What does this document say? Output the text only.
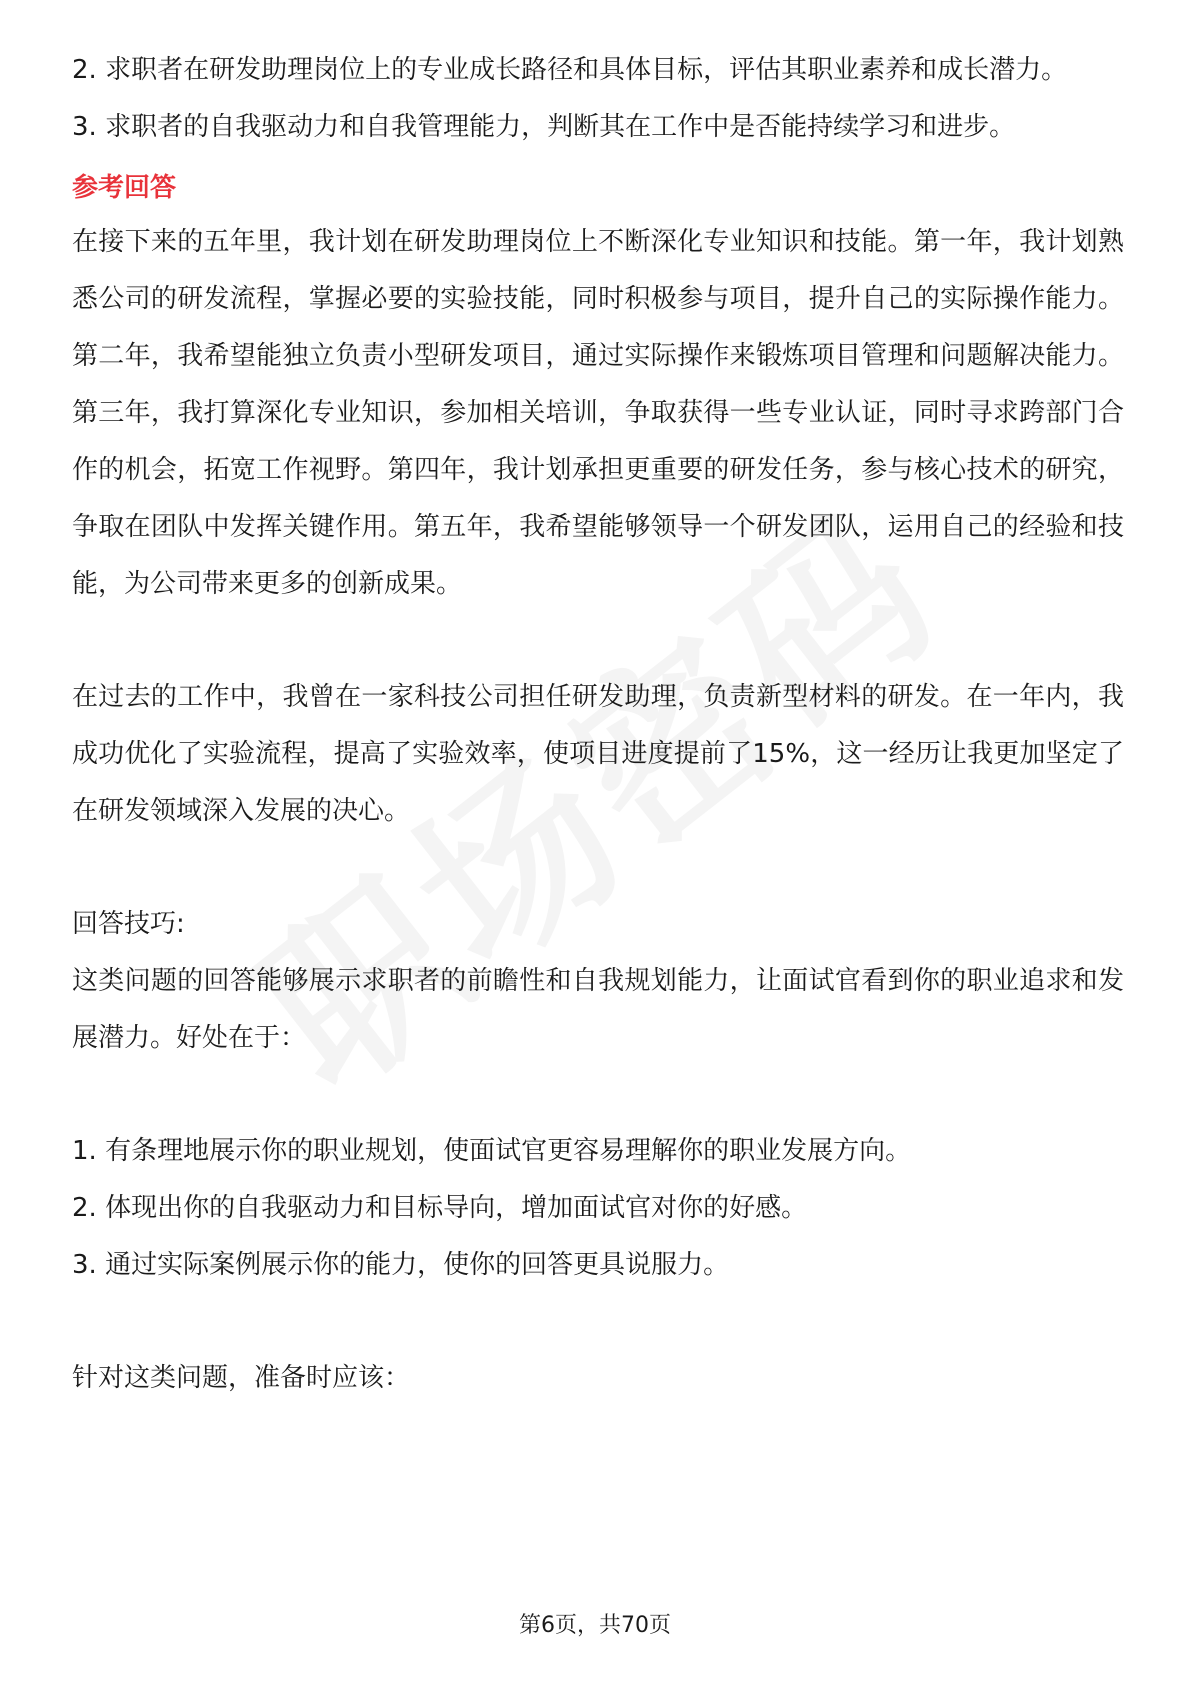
2. 求职者在研发助理岗位上的专业成长路径和具体目标，评估其职业素养和成长潜力。

3. 求职者的自我驱动力和自我管理能力，判断其在工作中是否能持续学习和进步。

参考回答

在接下来的五年里，我计划在研发助理岗位上不断深化专业知识和技能。第一年，我计划熟悉公司的研发流程，掌握必要的实验技能，同时积极参与项目，提升自己的实际操作能力。第二年，我希望能独立负责小型研发项目，通过实际操作来锻炼项目管理和问题解决能力。第三年，我打算深化专业知识，参加相关培训，争取获得一些专业认证，同时寻求跨部门合作的机会，拓宽工作视野。第四年，我计划承担更重要的研发任务，参与核心技术的研究，争取在团队中发挥关键作用。第五年，我希望能够领导一个研发团队，运用自己的经验和技能，为公司带来更多的创新成果。

在过去的工作中，我曾在一家科技公司担任研发助理，负责新型材料的研发。在一年内，我成功优化了实验流程，提高了实验效率，使项目进度提前了15%，这一经历让我更加坚定了在研发领域深入发展的决心。

回答技巧:

这类问题的回答能够展示求职者的前瞻性和自我规划能力，让面试官看到你的职业追求和发展潜力。好处在于：

1. 有条理地展示你的职业规划，使面试官更容易理解你的职业发展方向。

2. 体现出你的自我驱动力和目标导向，增加面试官对你的好感。

3. 通过实际案例展示你的能力，使你的回答更具说服力。

针对这类问题，准备时应该：

第6页，共70页
